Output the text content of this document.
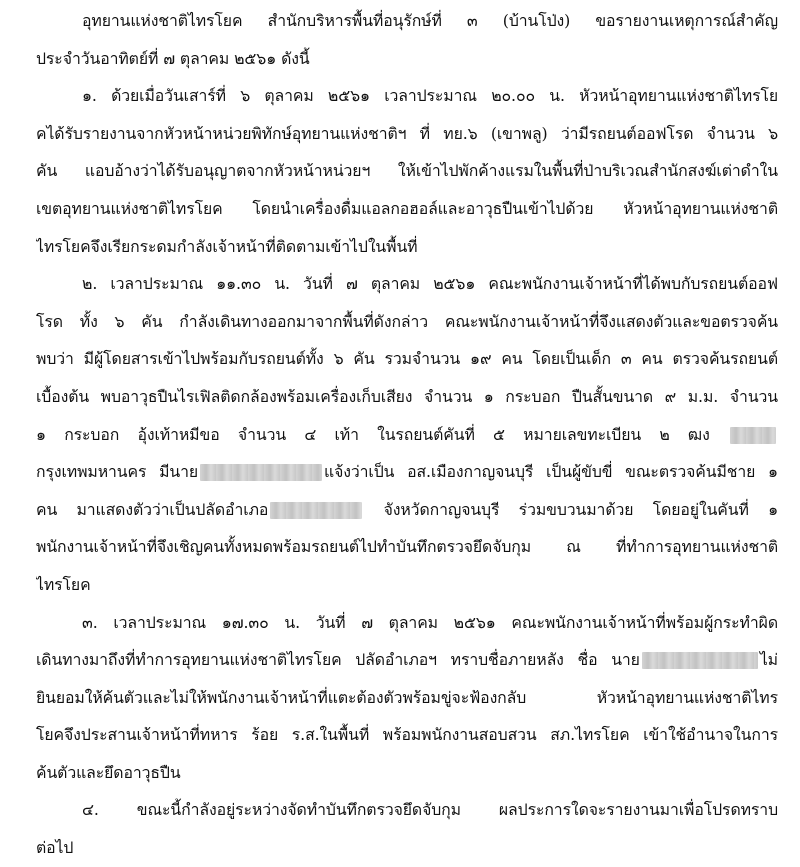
อุทยานแห่งชาติไทรโยค สำนักบริหารพื้นที่อนุรักษ์ที่ ๓ (บ้านโป่ง) ขอรายงานเหตุการณ์สำคัญ
ประจำวันอาทิตย์ที่ ๗ ตุลาคม ๒๕๖๑ ดังนี้
๑. ด้วยเมื่อวันเสาร์ที่ ๖ ตุลาคม ๒๕๖๑ เวลาประมาณ ๒๐.๐๐ น. หัวหน้าอุทยานแห่งชาติไทรโย
คได้รับรายงานจากหัวหน้าหน่วยพิทักษ์อุทยานแห่งชาติฯ ที่ ทย.๖ (เขาพลู) ว่ามีรถยนต์ออฟโรด จำนวน ๖
คัน แอบอ้างว่าได้รับอนุญาตจากหัวหน้าหน่วยฯ ให้เข้าไปพักค้างแรมในพื้นที่ป่าบริเวณสำนักสงฆ์เต่าดำใน
เขตอุทยานแห่งชาติไทรโยค โดยนำเครื่องดื่มแอลกอฮอล์และอาวุธปืนเข้าไปด้วย หัวหน้าอุทยานแห่งชาติ
ไทรโยคจึงเรียกระดมกำลังเจ้าหน้าที่ติดตามเข้าไปในพื้นที่
๒. เวลาประมาณ ๑๑.๓๐ น. วันที่ ๗ ตุลาคม ๒๕๖๑ คณะพนักงานเจ้าหน้าที่ได้พบกับรถยนต์ออฟ
โรด ทั้ง ๖ คัน กำลังเดินทางออกมาจากพื้นที่ดังกล่าว คณะพนักงานเจ้าหน้าที่จึงแสดงตัวและขอตรวจค้น
พบว่า มีผู้โดยสารเข้าไปพร้อมกับรถยนต์ทั้ง ๖ คัน รวมจำนวน ๑๙ คน โดยเป็นเด็ก ๓ คน ตรวจค้นรถยนต์
เบื้องต้น พบอาวุธปืนไรเฟิลติดกล้องพร้อมเครื่องเก็บเสียง จำนวน ๑ กระบอก ปืนสั้นขนาด ๙ ม.ม. จำนวน
๑ กระบอก อุ้งเท้าหมีขอ จำนวน ๔ เท้า ในรถยนต์คันที่ ๕ หมายเลขทะเบียน ๒ ฒง
กรุงเทพมหานคร มีนาย	แจ้งว่าเป็น อส.เมืองกาญจนบุรี เป็นผู้ขับขี่ ขณะตรวจค้นมีชาย ๑
คน มาแสดงตัวว่าเป็นปลัดอำเภอ	จังหวัดกาญจนบุรี ร่วมขบวนมาด้วย โดยอยู่ในคันที่ ๑
พนักงานเจ้าหน้าที่จึงเชิญคนทั้งหมดพร้อมรถยนต์ไปทำบันทึกตรวจยึดจับกุม ณ ที่ทำการอุทยานแห่งชาติ
ไทรโยค
๓. เวลาประมาณ ๑๗.๓๐ น. วันที่ ๗ ตุลาคม ๒๕๖๑ คณะพนักงานเจ้าหน้าที่พร้อมผู้กระทำผิด
เดินทางมาถึงที่ทำการอุทยานแห่งชาติไทรโยค ปลัดอำเภอฯ ทราบชื่อภายหลัง ชื่อ นาย	ไม่
ยินยอมให้ค้นตัวและไม่ให้พนักงานเจ้าหน้าที่แตะต้องตัวพร้อมขู่จะฟ้องกลับ หัวหน้าอุทยานแห่งชาติไทร
โยคจึงประสานเจ้าหน้าที่ทหาร ร้อย ร.ส.ในพื้นที่ พร้อมพนักงานสอบสวน สภ.ไทรโยค เข้าใช้อำนาจในการ
ค้นตัวและยึดอาวุธปืน
๔. ขณะนี้กำลังอยู่ระหว่างจัดทำบันทึกตรวจยึดจับกุม ผลประการใดจะรายงานมาเพื่อโปรดทราบ
ต่อไป
